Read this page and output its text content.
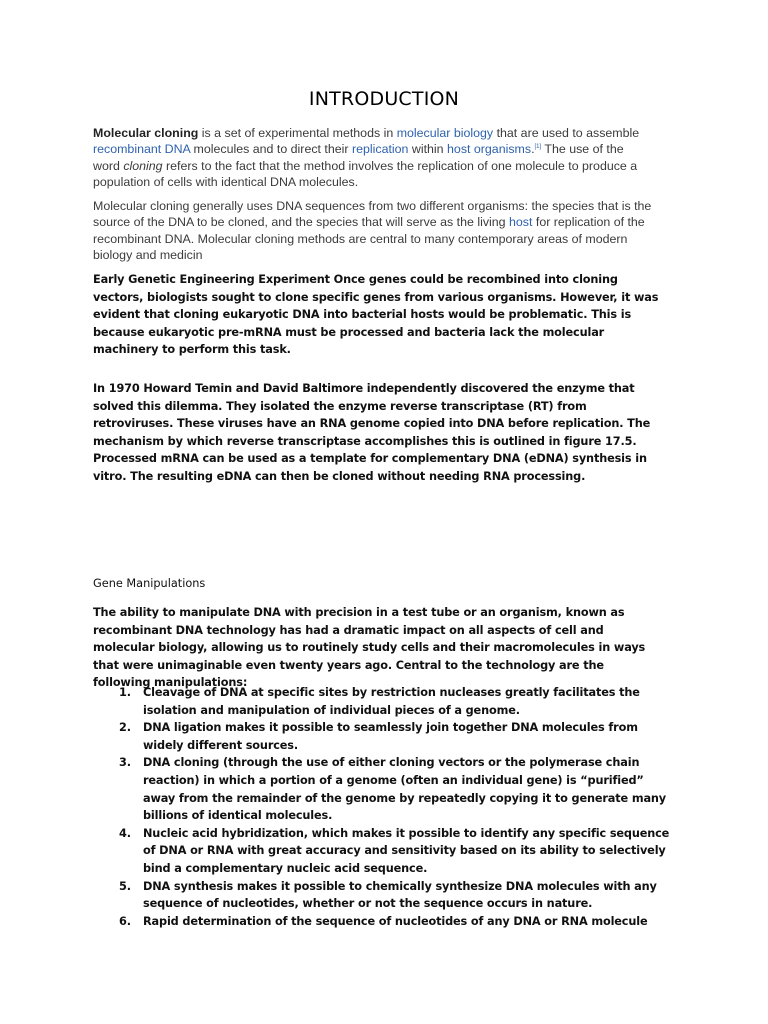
INTRODUCTION
Molecular cloning is a set of experimental methods in molecular biology that are used to assemble recombinant DNA molecules and to direct their replication within host organisms.[1] The use of the word cloning refers to the fact that the method involves the replication of one molecule to produce a population of cells with identical DNA molecules.
Molecular cloning generally uses DNA sequences from two different organisms: the species that is the source of the DNA to be cloned, and the species that will serve as the living host for replication of the recombinant DNA. Molecular cloning methods are central to many contemporary areas of modern biology and medicin
Early Genetic Engineering Experiment Once genes could be recombined into cloning vectors, biologists sought to clone specific genes from various organisms. However, it was evident that cloning eukaryotic DNA into bacterial hosts would be problematic. This is because eukaryotic pre-mRNA must be processed and bacteria lack the molecular machinery to perform this task.
In 1970 Howard Temin and David Baltimore independently discovered the enzyme that solved this dilemma. They isolated the enzyme reverse transcriptase (RT) from retroviruses. These viruses have an RNA genome copied into DNA before replication. The mechanism by which reverse transcriptase accomplishes this is outlined in figure 17.5. Processed mRNA can be used as a template for complementary DNA (eDNA) synthesis in vitro. The resulting eDNA can then be cloned without needing RNA processing.
Gene Manipulations
The ability to manipulate DNA with precision in a test tube or an organism, known as recombinant DNA technology has had a dramatic impact on all aspects of cell and molecular biology, allowing us to routinely study cells and their macromolecules in ways that were unimaginable even twenty years ago. Central to the technology are the following manipulations:
1.	Cleavage of DNA at specific sites by restriction nucleases greatly facilitates the isolation and manipulation of individual pieces of a genome.
2.	DNA ligation makes it possible to seamlessly join together DNA molecules from widely different sources.
3.	DNA cloning (through the use of either cloning vectors or the polymerase chain reaction) in which a portion of a genome (often an individual gene) is “purified” away from the remainder of the genome by repeatedly copying it to generate many billions of identical molecules.
4.	Nucleic acid hybridization, which makes it possible to identify any specific sequence of DNA or RNA with great accuracy and sensitivity based on its ability to selectively bind a complementary nucleic acid sequence.
5.	DNA synthesis makes it possible to chemically synthesize DNA molecules with any sequence of nucleotides, whether or not the sequence occurs in nature.
6.	Rapid determination of the sequence of nucleotides of any DNA or RNA molecule
